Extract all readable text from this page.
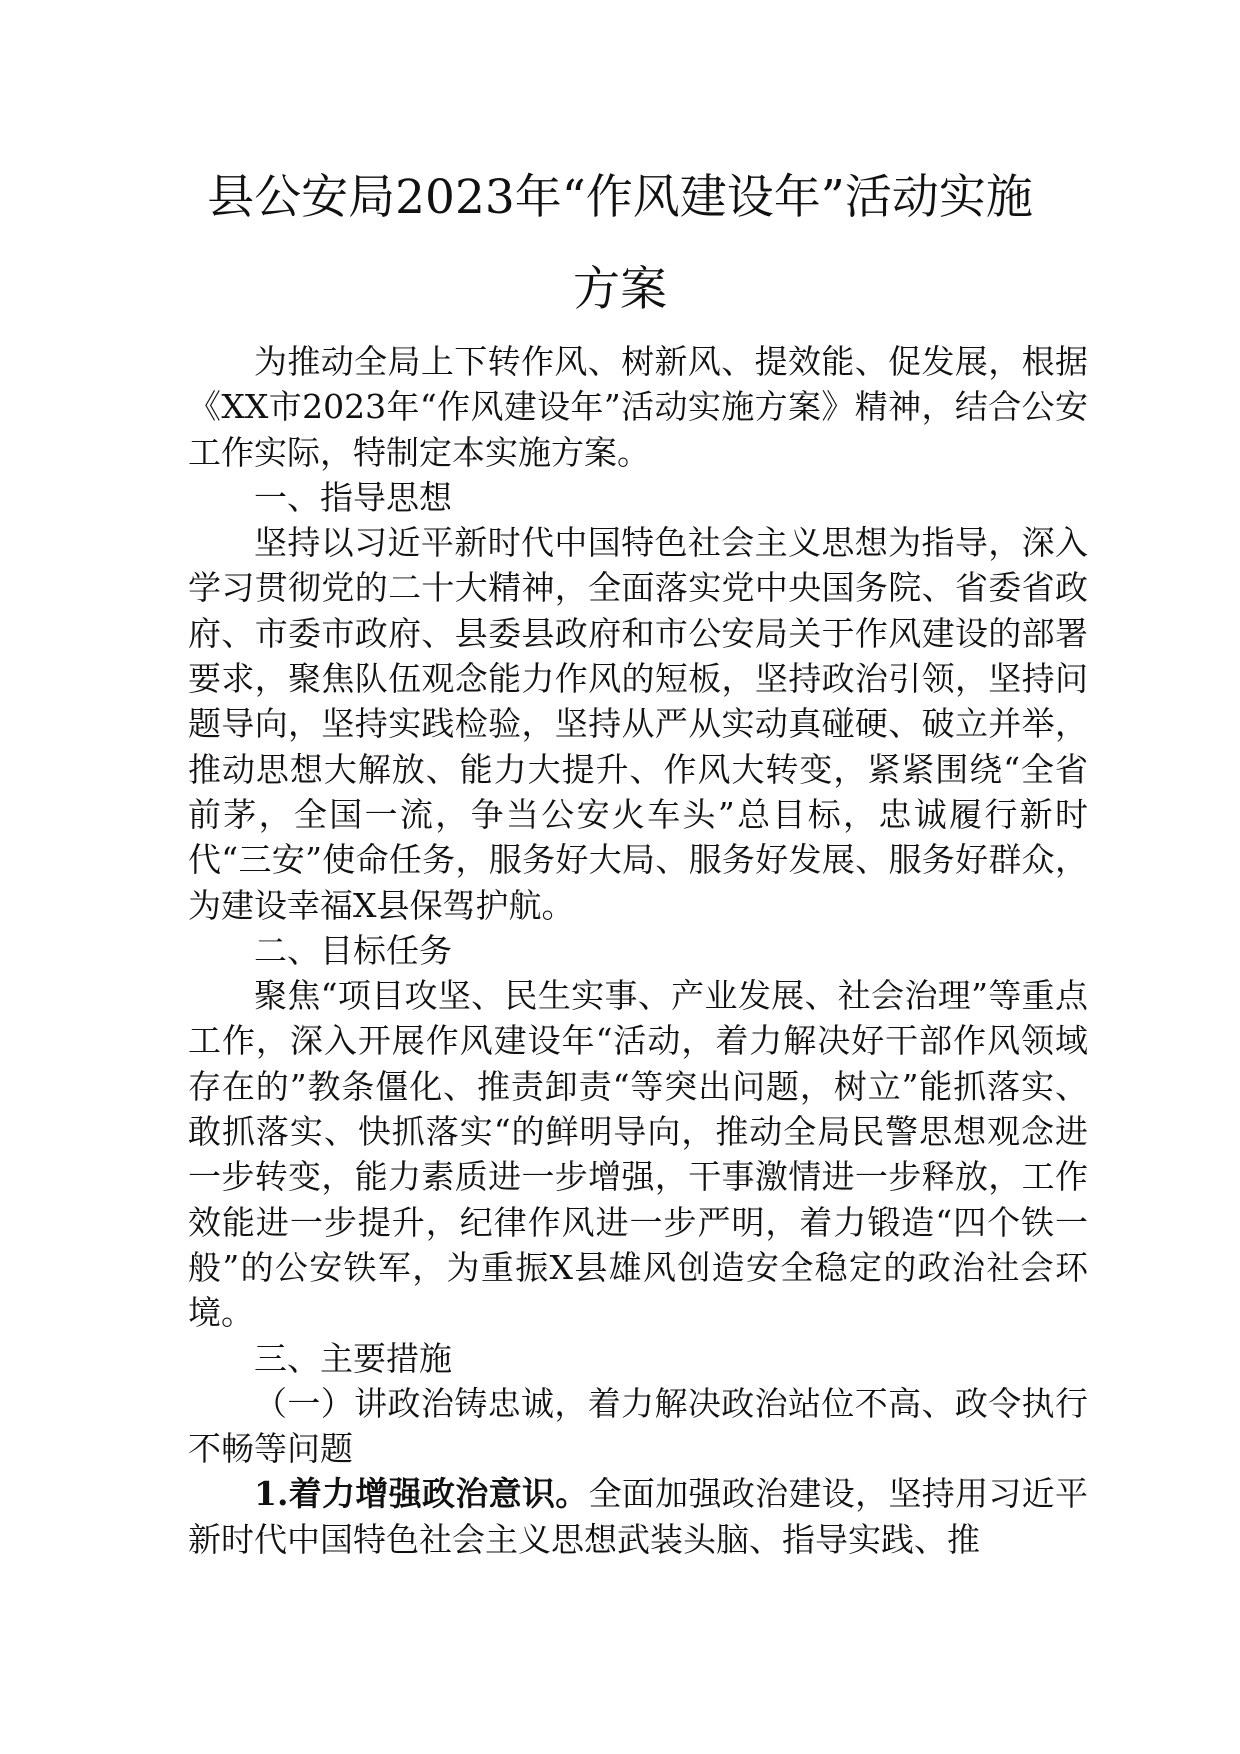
县公安局2023年“作风建设年”活动实施
方案

为推动全局上下转作风、树新风、提效能、促发展，根据《XX市2023年“作风建设年”活动实施方案》精神，结合公安工作实际，特制定本实施方案。

一、指导思想

坚持以习近平新时代中国特色社会主义思想为指导，深入学习贯彻党的二十大精神，全面落实党中央国务院、省委省政府、市委市政府、县委县政府和市公安局关于作风建设的部署要求，聚焦队伍观念能力作风的短板，坚持政治引领，坚持问题导向，坚持实践检验，坚持从严从实动真碰硬、破立并举，推动思想大解放、能力大提升、作风大转变，紧紧围绕“全省前茅，全国一流，争当公安火车头”总目标，忠诚履行新时代“三安”使命任务，服务好大局、服务好发展、服务好群众，为建设幸福X县保驾护航。

二、目标任务

聚焦“项目攻坚、民生实事、产业发展、社会治理”等重点工作，深入开展作风建设年“活动，着力解决好干部作风领域存在的”教条僵化、推责卸责“等突出问题，树立”能抓落实、敢抓落实、快抓落实“的鲜明导向，推动全局民警思想观念进一步转变，能力素质进一步增强，干事激情进一步释放，工作效能进一步提升，纪律作风进一步严明，着力锻造“四个铁一般”的公安铁军，为重振X县雄风创造安全稳定的政治社会环境。

三、主要措施

（一）讲政治铸忠诚，着力解决政治站位不高、政令执行不畅等问题

1.着力增强政治意识。全面加强政治建设，坚持用习近平新时代中国特色社会主义思想武装头脑、指导实践、推
